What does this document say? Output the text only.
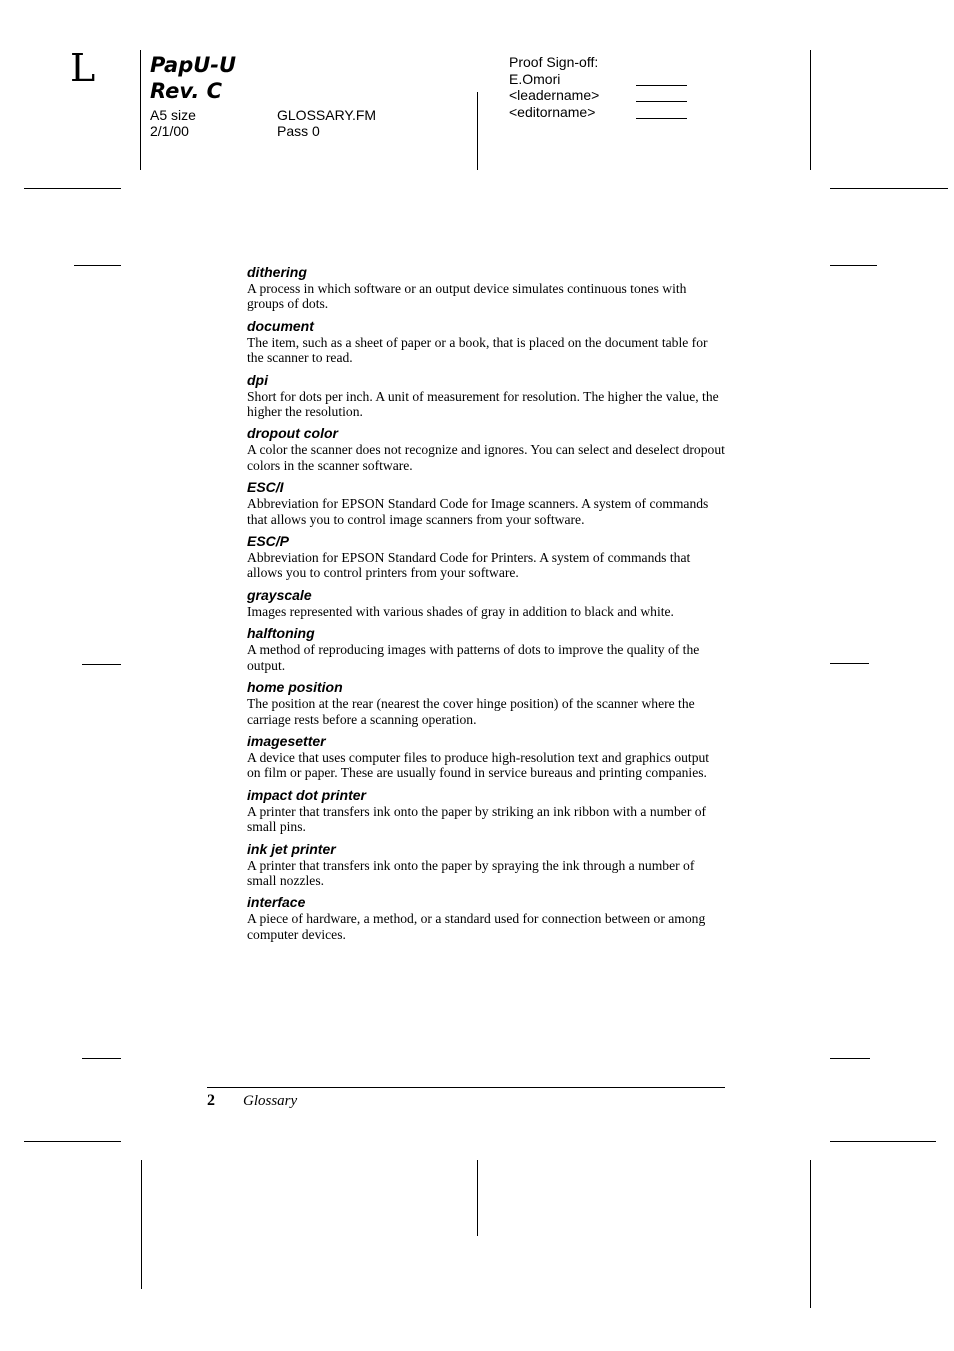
L	PapU-U
Rev. C
A5 size
2/1/00
GLOSSARY.FM
Pass 0
Proof Sign-off:
E.Omori
<leadername>
<editorname>
dithering
A process in which software or an output device simulates continuous tones with groups of dots.
document
The item, such as a sheet of paper or a book, that is placed on the document table for the scanner to read.
dpi
Short for dots per inch. A unit of measurement for resolution. The higher the value, the higher the resolution.
dropout color
A color the scanner does not recognize and ignores. You can select and deselect dropout colors in the scanner software.
ESC/I
Abbreviation for EPSON Standard Code for Image scanners. A system of commands that allows you to control image scanners from your software.
ESC/P
Abbreviation for EPSON Standard Code for Printers. A system of commands that allows you to control printers from your software.
grayscale
Images represented with various shades of gray in addition to black and white.
halftoning
A method of reproducing images with patterns of dots to improve the quality of the output.
home position
The position at the rear (nearest the cover hinge position) of the scanner where the carriage rests before a scanning operation.
imagesetter
A device that uses computer files to produce high-resolution text and graphics output on film or paper. These are usually found in service bureaus and printing companies.
impact dot printer
A printer that transfers ink onto the paper by striking an ink ribbon with a number of small pins.
ink jet printer
A printer that transfers ink onto the paper by spraying the ink through a number of small nozzles.
interface
A piece of hardware, a method, or a standard used for connection between or among computer devices.
2 Glossary
